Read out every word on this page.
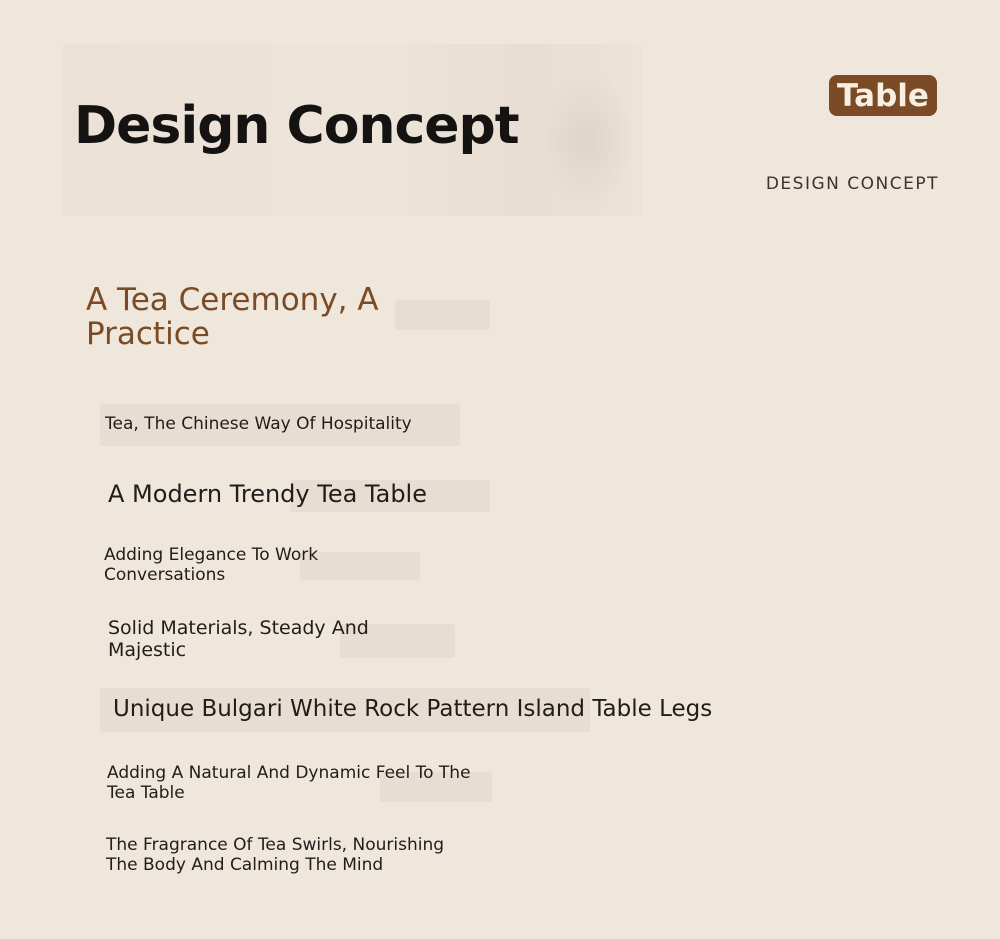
Design Concept
Table
DESIGN CONCEPT
A Tea Ceremony, A Practice
Tea, The Chinese Way Of Hospitality
A Modern Trendy Tea Table
Adding Elegance To Work Conversations
Solid Materials, Steady And Majestic
Unique Bulgari White Rock Pattern Island Table Legs
Adding A Natural And Dynamic Feel To The Tea Table
The Fragrance Of Tea Swirls, Nourishing The Body And Calming The Mind
